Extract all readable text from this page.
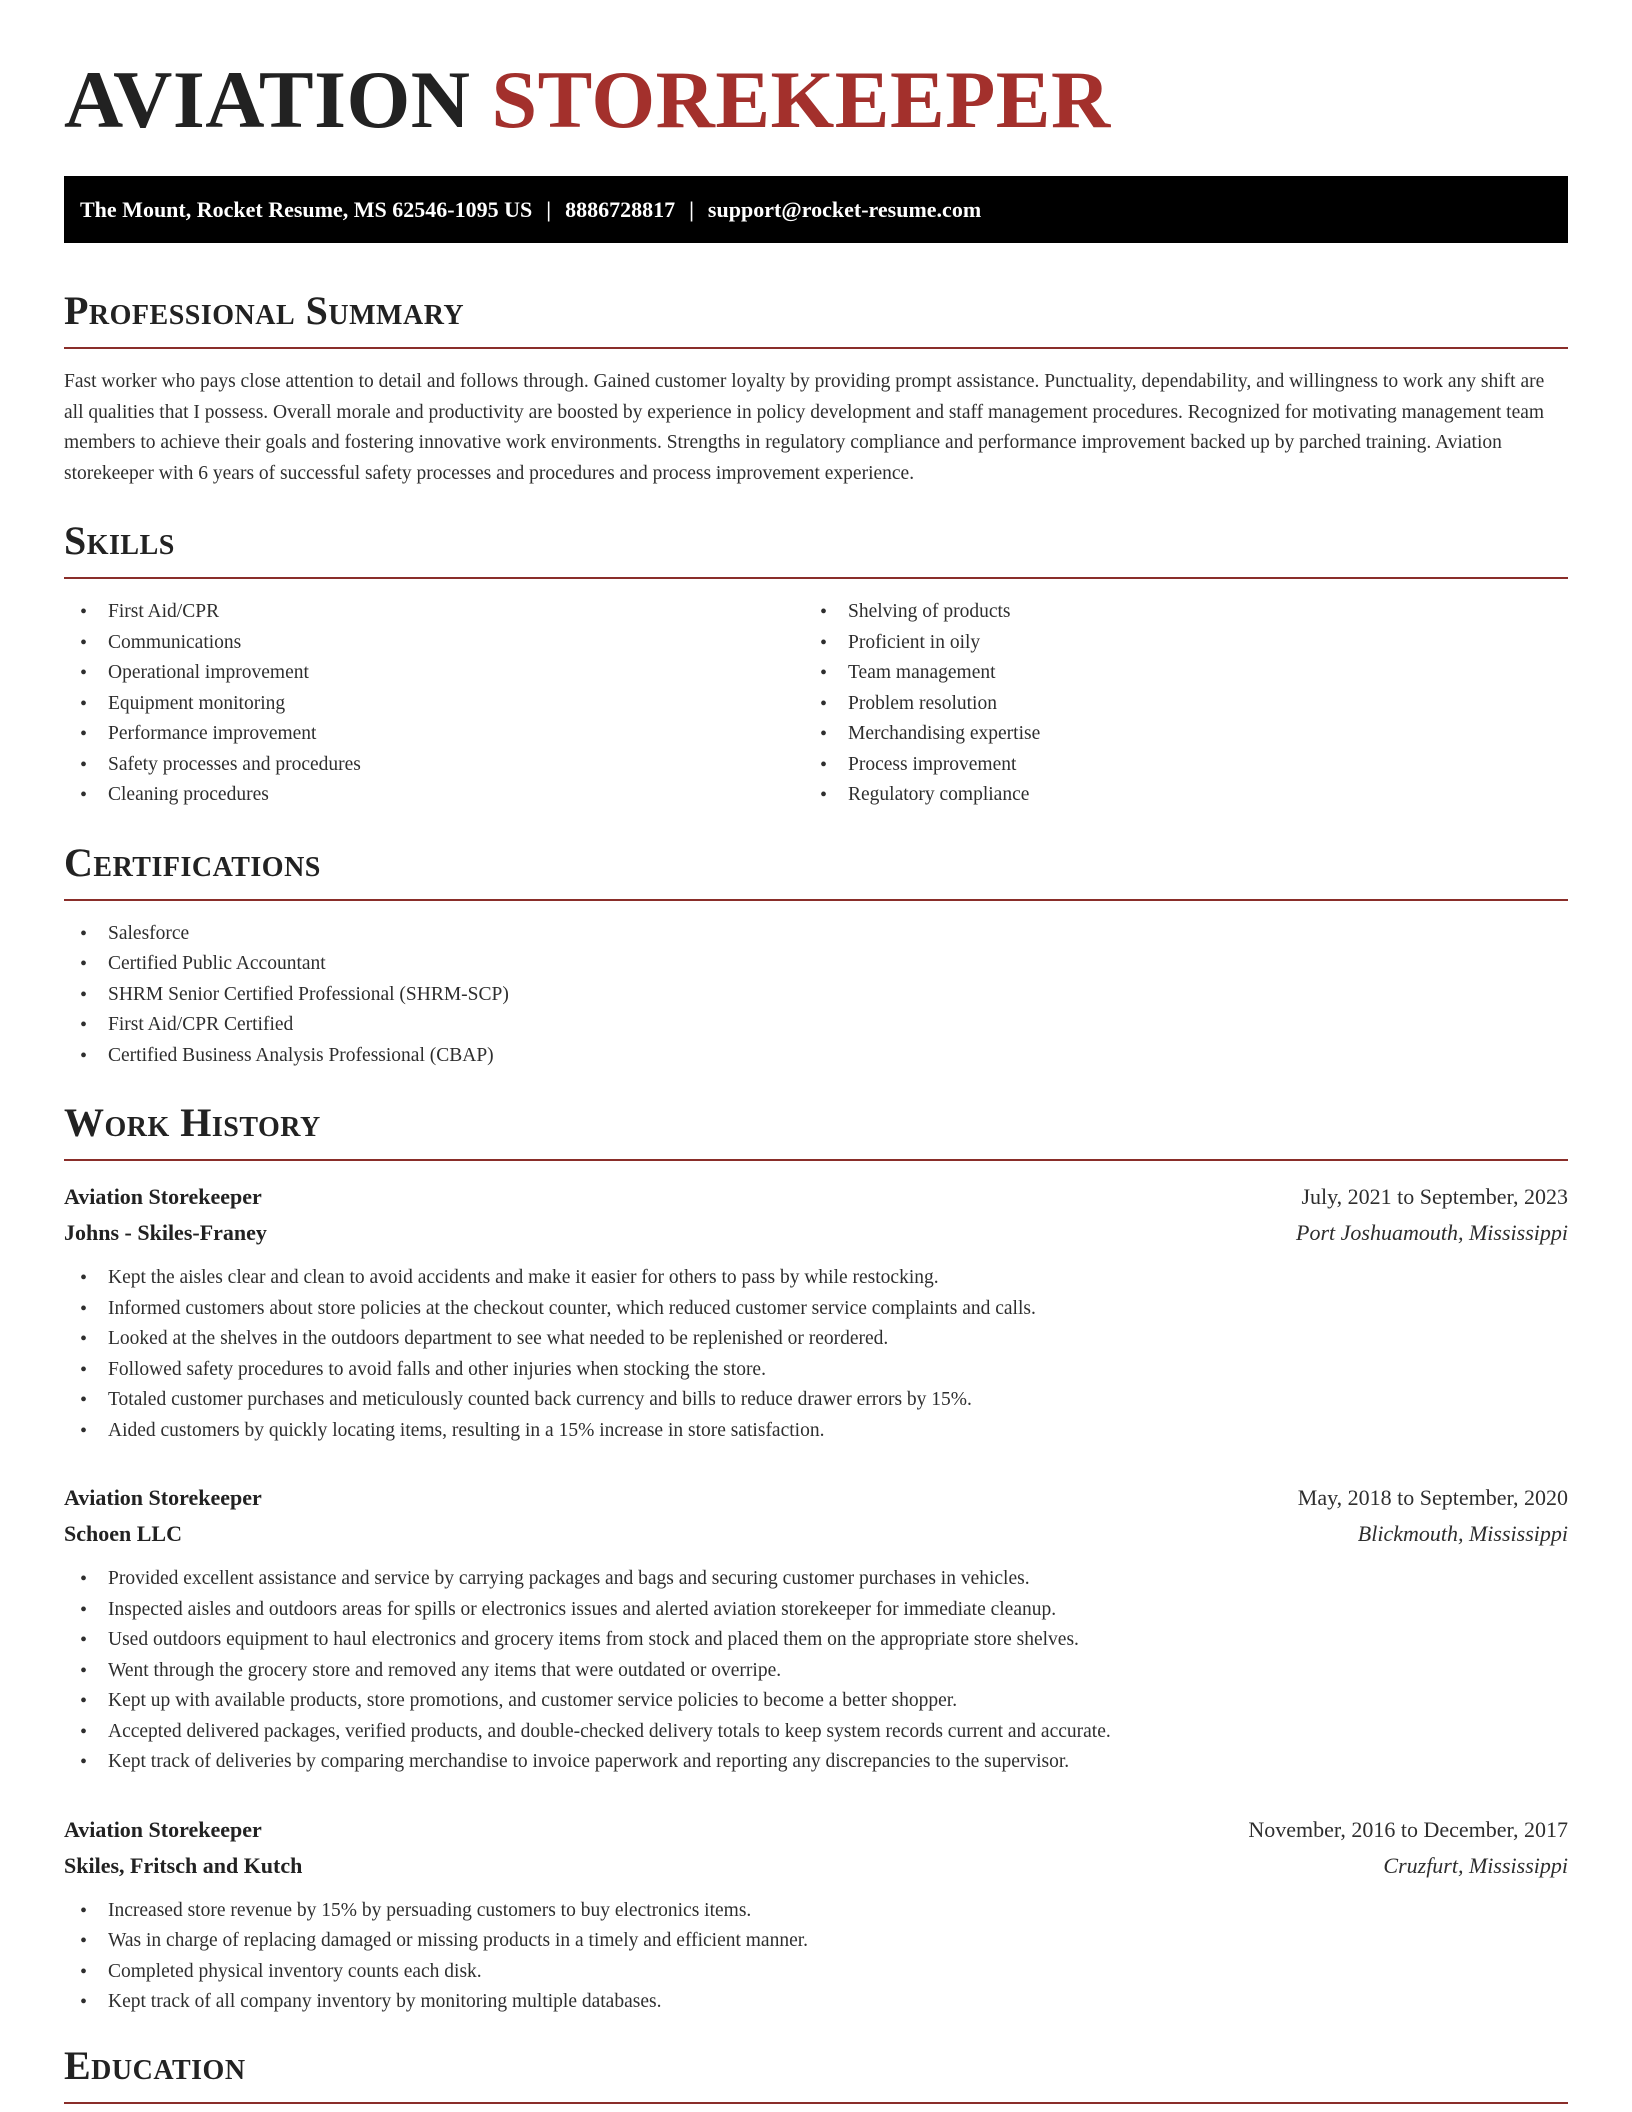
AVIATION STOREKEEPER
The Mount, Rocket Resume, MS 62546-1095 US | 8886728817 | support@rocket-resume.com
Professional Summary
Fast worker who pays close attention to detail and follows through. Gained customer loyalty by providing prompt assistance. Punctuality, dependability, and willingness to work any shift are all qualities that I possess. Overall morale and productivity are boosted by experience in policy development and staff management procedures. Recognized for motivating management team members to achieve their goals and fostering innovative work environments. Strengths in regulatory compliance and performance improvement backed up by parched training. Aviation storekeeper with 6 years of successful safety processes and procedures and process improvement experience.
Skills
• First Aid/CPR
• Communications
• Operational improvement
• Equipment monitoring
• Performance improvement
• Safety processes and procedures
• Cleaning procedures
• Shelving of products
• Proficient in oily
• Team management
• Problem resolution
• Merchandising expertise
• Process improvement
• Regulatory compliance
Certifications
• Salesforce
• Certified Public Accountant
• SHRM Senior Certified Professional (SHRM-SCP)
• First Aid/CPR Certified
• Certified Business Analysis Professional (CBAP)
Work History
Aviation Storekeeper	July, 2021 to September, 2023
Johns - Skiles-Franey	Port Joshuamouth, Mississippi
• Kept the aisles clear and clean to avoid accidents and make it easier for others to pass by while restocking.
• Informed customers about store policies at the checkout counter, which reduced customer service complaints and calls.
• Looked at the shelves in the outdoors department to see what needed to be replenished or reordered.
• Followed safety procedures to avoid falls and other injuries when stocking the store.
• Totaled customer purchases and meticulously counted back currency and bills to reduce drawer errors by 15%.
• Aided customers by quickly locating items, resulting in a 15% increase in store satisfaction.
Aviation Storekeeper	May, 2018 to September, 2020
Schoen LLC	Blickmouth, Mississippi
• Provided excellent assistance and service by carrying packages and bags and securing customer purchases in vehicles.
• Inspected aisles and outdoors areas for spills or electronics issues and alerted aviation storekeeper for immediate cleanup.
• Used outdoors equipment to haul electronics and grocery items from stock and placed them on the appropriate store shelves.
• Went through the grocery store and removed any items that were outdated or overripe.
• Kept up with available products, store promotions, and customer service policies to become a better shopper.
• Accepted delivered packages, verified products, and double-checked delivery totals to keep system records current and accurate.
• Kept track of deliveries by comparing merchandise to invoice paperwork and reporting any discrepancies to the supervisor.
Aviation Storekeeper	November, 2016 to December, 2017
Skiles, Fritsch and Kutch	Cruzfurt, Mississippi
• Increased store revenue by 15% by persuading customers to buy electronics items.
• Was in charge of replacing damaged or missing products in a timely and efficient manner.
• Completed physical inventory counts each disk.
• Kept track of all company inventory by monitoring multiple databases.
Education
